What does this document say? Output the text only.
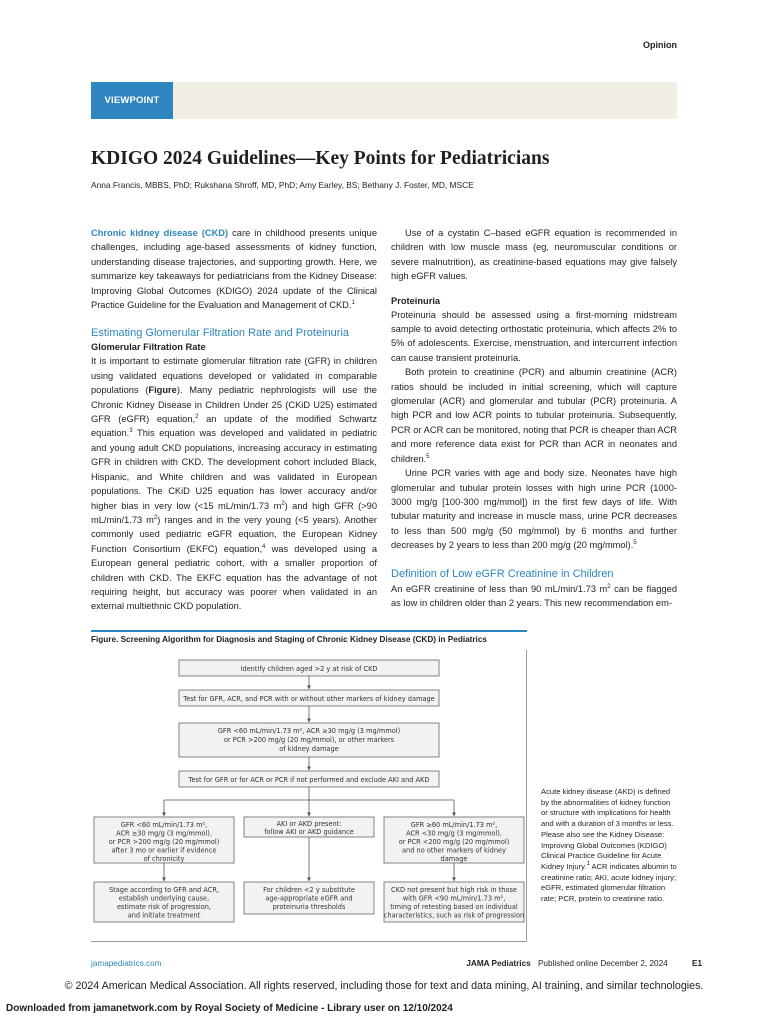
Opinion
VIEWPOINT
KDIGO 2024 Guidelines—Key Points for Pediatricians
Anna Francis, MBBS, PhD; Rukshana Shroff, MD, PhD; Amy Earley, BS; Bethany J. Foster, MD, MSCE

Chronic kidney disease (CKD) care in childhood presents unique challenges, including age-based assessments of kidney function, understanding disease trajectories, and supporting growth. Here, we summarize key takeaways for pediatricians from the Kidney Disease: Improving Global Outcomes (KDIGO) 2024 update of the Clinical Practice Guideline for the Evaluation and Management of CKD.$^1$

Estimating Glomerular Filtration Rate and Proteinuria
Glomerular Filtration Rate

It is important to estimate glomerular filtration rate (GFR) in children using validated equations developed or validated in comparable populations (Figure). Many pediatric nephrologists will use the Chronic Kidney Disease in Children Under 25 (CKiD U25) estimated GFR (eGFR) equation,$^2$ an update of the modified Schwartz equation.$^3$ This equation was developed and validated in pediatric and young adult CKD populations, increasing accuracy in estimating GFR in children with CKD. The development cohort included Black, Hispanic, and White children and was validated in European populations. The CKiD U25 equation has lower accuracy and/or higher bias in very low (<15 mL/min/1.73 $m^2$) and high GFR (>90 mL/min/1.73 $m^2$) ranges and in the very young (<5 years). Another commonly used pediatric eGFR equation, the European Kidney Function Consortium (EKFC) equation,$^4$ was developed using a European general pediatric cohort, with a smaller proportion of children with CKD. The EKFC equation has the advantage of not requiring height, but accuracy was poorer when validated in an external multiethnic CKD population.

Use of a cystatin C–based eGFR equation is recommended in children with low muscle mass (eg, neuromuscular conditions or severe malnutrition), as creatinine-based equations may give falsely high eGFR values.

Proteinuria

Proteinuria should be assessed using a first-morning midstream sample to avoid detecting orthostatic proteinuria, which affects 2% to 5% of adolescents. Exercise, menstruation, and intercurrent infection can cause transient proteinuria.

Both protein to creatinine (PCR) and albumin creatinine (ACR) ratios should be included in initial screening, which will capture glomerular (ACR) and glomerular and tubular (PCR) proteinuria. A high PCR and low ACR points to tubular proteinuria. Subsequently, PCR or ACR can be monitored, noting that PCR is cheaper than ACR and more reference data exist for PCR than ACR in neonates and children.$^5$

Urine PCR varies with age and body size. Neonates have high glomerular and tubular protein losses with high urine PCR (1000-3000 mg/g [100-300 mg/mmol]) in the first few days of life. With tubular maturity and increase in muscle mass, urine PCR decreases to less than 500 mg/g (50 mg/mmol) by 6 months and further decreases by 2 years to less than 200 mg/g (20 mg/mmol).$^5$

Definition of Low eGFR Creatinine in Children

An eGFR creatinine of less than 90 mL/min/1.73 $m^2$ can be flagged as low in children older than 2 years. This new recommendation em-

Figure. Screening Algorithm for Diagnosis and Staging of Chronic Kidney Disease (CKD) in Pediatrics
Identify children aged >2 y at risk of CKD
Test for GFR, ACR, and PCR with or without other markers of kidney damage
GFR <60 mL/min/1.73 m², ACR ≥30 mg/g (3 mg/mmol)
or PCR >200 mg/g (20 mg/mmol), or other markers
of kidney damage
Test for GFR or for ACR or PCR if not performed and exclude AKI and AKD
GFR <60 mL/min/1.73 m²,
ACR ≥30 mg/g (3 mg/mmol),
or PCR >200 mg/g (20 mg/mmol)
after 3 mo or earlier if evidence
of chronicity
AKI or AKD present:
follow AKI or AKD guidance
GFR ≥60 mL/min/1.73 m²,
ACR <30 mg/g (3 mg/mmol),
or PCR <200 mg/g (20 mg/mmol)
and no other markers of kidney
damage
Stage according to GFR and ACR,
establish underlying cause,
estimate risk of progression,
and initiate treatment
For children <2 y substitute
age-appropriate eGFR and
proteinuria thresholds
CKD not present but high risk in those
with GFR <90 mL/min/1.73 m²,
timing of retesting based on individual
characteristics, such as risk of progression
Acute kidney disease (AKD) is defined by the abnormalities of kidney function or structure with implications for health and with a duration of 3 months or less. Please also see the Kidney Disease: Improving Global Outcomes (KDIGO) Clinical Practice Guideline for Acute Kidney Injury.$^1$ ACR indicates albumin to creatinine ratio; AKI, acute kidney injury; eGFR, estimated glomerular filtration rate; PCR, protein to creatinine ratio.
jamapediatrics.com	JAMA Pediatrics Published online December 2, 2024	E1
© 2024 American Medical Association. All rights reserved, including those for text and data mining, AI training, and similar technologies.
Downloaded from jamanetwork.com by Royal Society of Medicine - Library user on 12/10/2024
